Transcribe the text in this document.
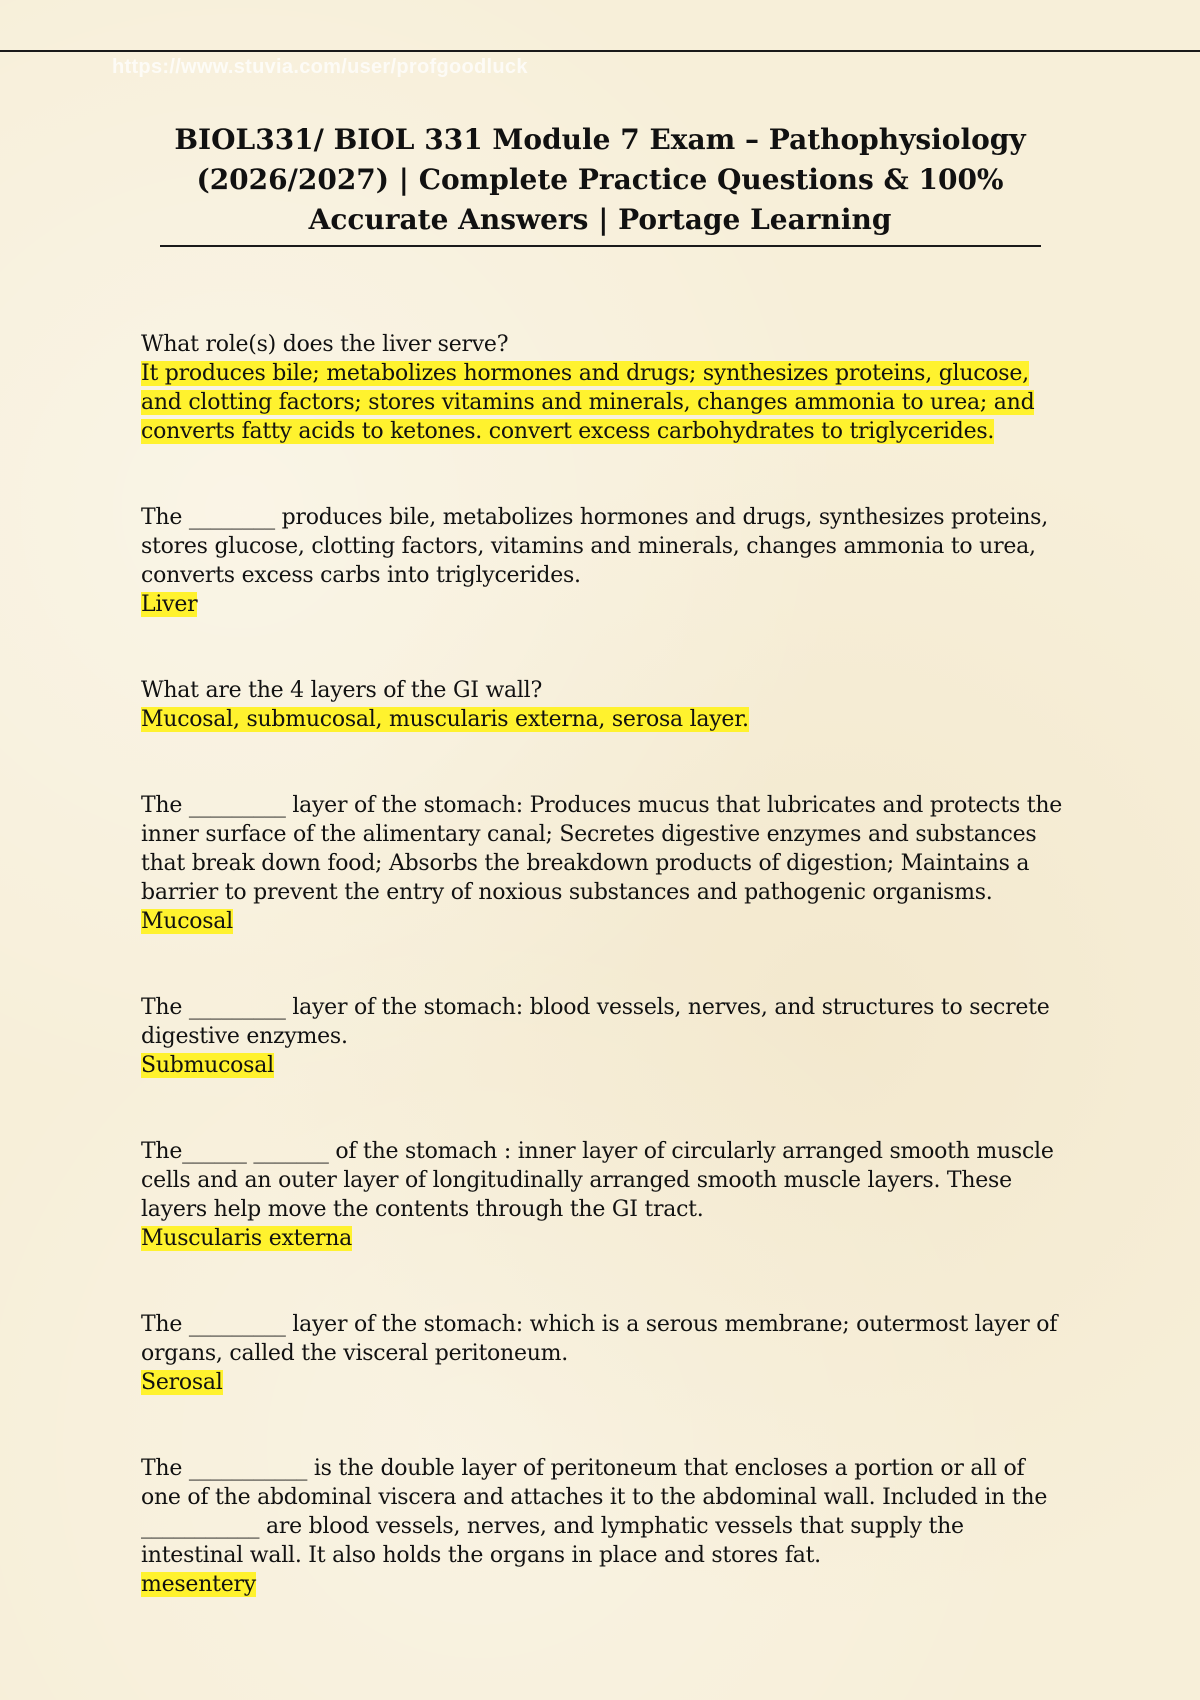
https://www.stuvia.com/user/profgoodluck
BIOL331/ BIOL 331 Module 7 Exam – Pathophysiology (2026/2027) | Complete Practice Questions & 100% Accurate Answers | Portage Learning

What role(s) does the liver serve?

It produces bile; metabolizes hormones and drugs; synthesizes proteins, glucose, and clotting factors; stores vitamins and minerals, changes ammonia to urea; and converts fatty acids to ketones. convert excess carbohydrates to triglycerides.

The ________ produces bile, metabolizes hormones and drugs, synthesizes proteins, stores glucose, clotting factors, vitamins and minerals, changes ammonia to urea, converts excess carbs into triglycerides.

Liver

What are the 4 layers of the GI wall?

Mucosal, submucosal, muscularis externa, serosa layer.

The _________ layer of the stomach: Produces mucus that lubricates and protects the inner surface of the alimentary canal; Secretes digestive enzymes and substances that break down food; Absorbs the breakdown products of digestion; Maintains a barrier to prevent the entry of noxious substances and pathogenic organisms.

Mucosal

The _________ layer of the stomach: blood vessels, nerves, and structures to secrete digestive enzymes.

Submucosal

The______ _______ of the stomach : inner layer of circularly arranged smooth muscle cells and an outer layer of longitudinally arranged smooth muscle layers. These layers help move the contents through the GI tract.

Muscularis externa

The _________ layer of the stomach: which is a serous membrane; outermost layer of organs, called the visceral peritoneum.

Serosal

The ___________ is the double layer of peritoneum that encloses a portion or all of one of the abdominal viscera and attaches it to the abdominal wall. Included in the ___________ are blood vessels, nerves, and lymphatic vessels that supply the intestinal wall. It also holds the organs in place and stores fat.

mesentery
